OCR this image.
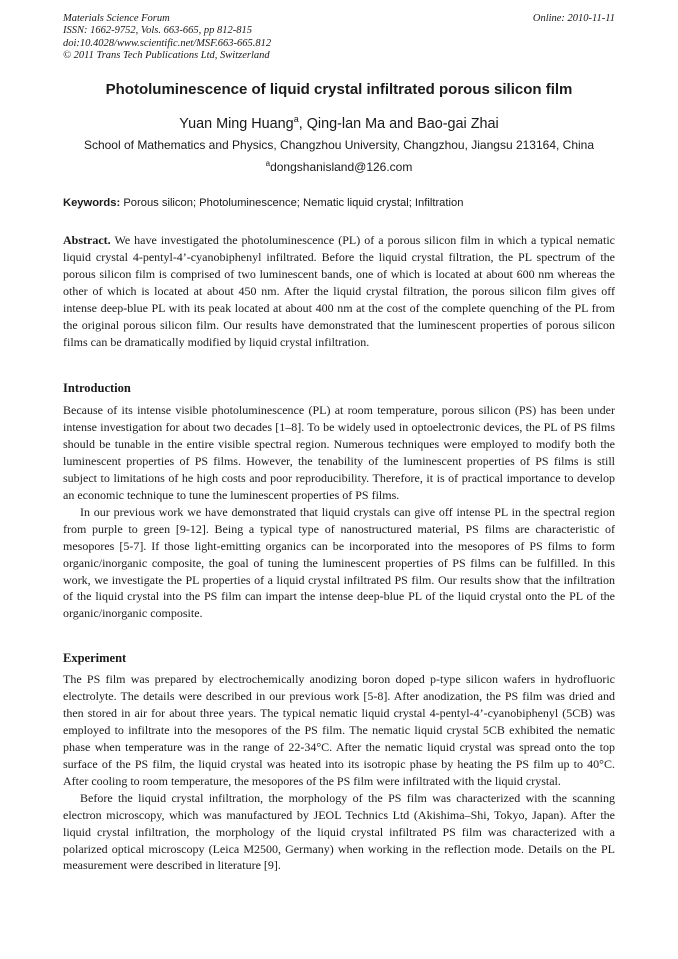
Materials Science Forum	Online: 2010-11-11
ISSN: 1662-9752, Vols. 663-665, pp 812-815
doi:10.4028/www.scientific.net/MSF.663-665.812
© 2011 Trans Tech Publications Ltd, Switzerland
Photoluminescence of liquid crystal infiltrated porous silicon film
Yuan Ming Huang$^a$, Qing-lan Ma and Bao-gai Zhai
School of Mathematics and Physics, Changzhou University, Changzhou, Jiangsu 213164, China
$^a$dongshanisland@126.com
Keywords: Porous silicon; Photoluminescence; Nematic liquid crystal; Infiltration

Abstract. We have investigated the photoluminescence (PL) of a porous silicon film in which a typical nematic liquid crystal 4-pentyl-4’-cyanobiphenyl infiltrated. Before the liquid crystal filtration, the PL spectrum of the porous silicon film is comprised of two luminescent bands, one of which is located at about 600 nm whereas the other of which is located at about 450 nm. After the liquid crystal filtration, the porous silicon film gives off intense deep-blue PL with its peak located at about 400 nm at the cost of the complete quenching of the PL from the original porous silicon film. Our results have demonstrated that the luminescent properties of porous silicon films can be dramatically modified by liquid crystal infiltration.

Introduction

Because of its intense visible photoluminescence (PL) at room temperature, porous silicon (PS) has been under intense investigation for about two decades [1–8]. To be widely used in optoelectronic devices, the PL of PS films should be tunable in the entire visible spectral region. Numerous techniques were employed to modify both the luminescent properties of PS films. However, the tenability of the luminescent properties of PS films is still subject to limitations of he high costs and poor reproducibility. Therefore, it is of practical importance to develop an economic technique to tune the luminescent properties of PS films.

In our previous work we have demonstrated that liquid crystals can give off intense PL in the spectral region from purple to green [9-12]. Being a typical type of nanostructured material, PS films are characteristic of mesopores [5-7]. If those light-emitting organics can be incorporated into the mesopores of PS films to form organic/inorganic composite, the goal of tuning the luminescent properties of PS films can be fulfilled. In this work, we investigate the PL properties of a liquid crystal infiltrated PS film. Our results show that the infiltration of the liquid crystal into the PS film can impart the intense deep-blue PL of the liquid crystal onto the PL of the organic/inorganic composite.

Experiment

The PS film was prepared by electrochemically anodizing boron doped p-type silicon wafers in hydrofluoric electrolyte. The details were described in our previous work [5-8]. After anodization, the PS film was dried and then stored in air for about three years. The typical nematic liquid crystal 4-pentyl-4’-cyanobiphenyl (5CB) was employed to infiltrate into the mesopores of the PS film. The nematic liquid crystal 5CB exhibited the nematic phase when temperature was in the range of 22-34°C. After the nematic liquid crystal was spread onto the top surface of the PS film, the liquid crystal was heated into its isotropic phase by heating the PS film up to 40°C. After cooling to room temperature, the mesopores of the PS film were infiltrated with the liquid crystal.

Before the liquid crystal infiltration, the morphology of the PS film was characterized with the scanning electron microscopy, which was manufactured by JEOL Technics Ltd (Akishima–Shi, Tokyo, Japan). After the liquid crystal infiltration, the morphology of the liquid crystal infiltrated PS film was characterized with a polarized optical microscopy (Leica M2500, Germany) when working in the reflection mode. Details on the PL measurement were described in literature [9].
